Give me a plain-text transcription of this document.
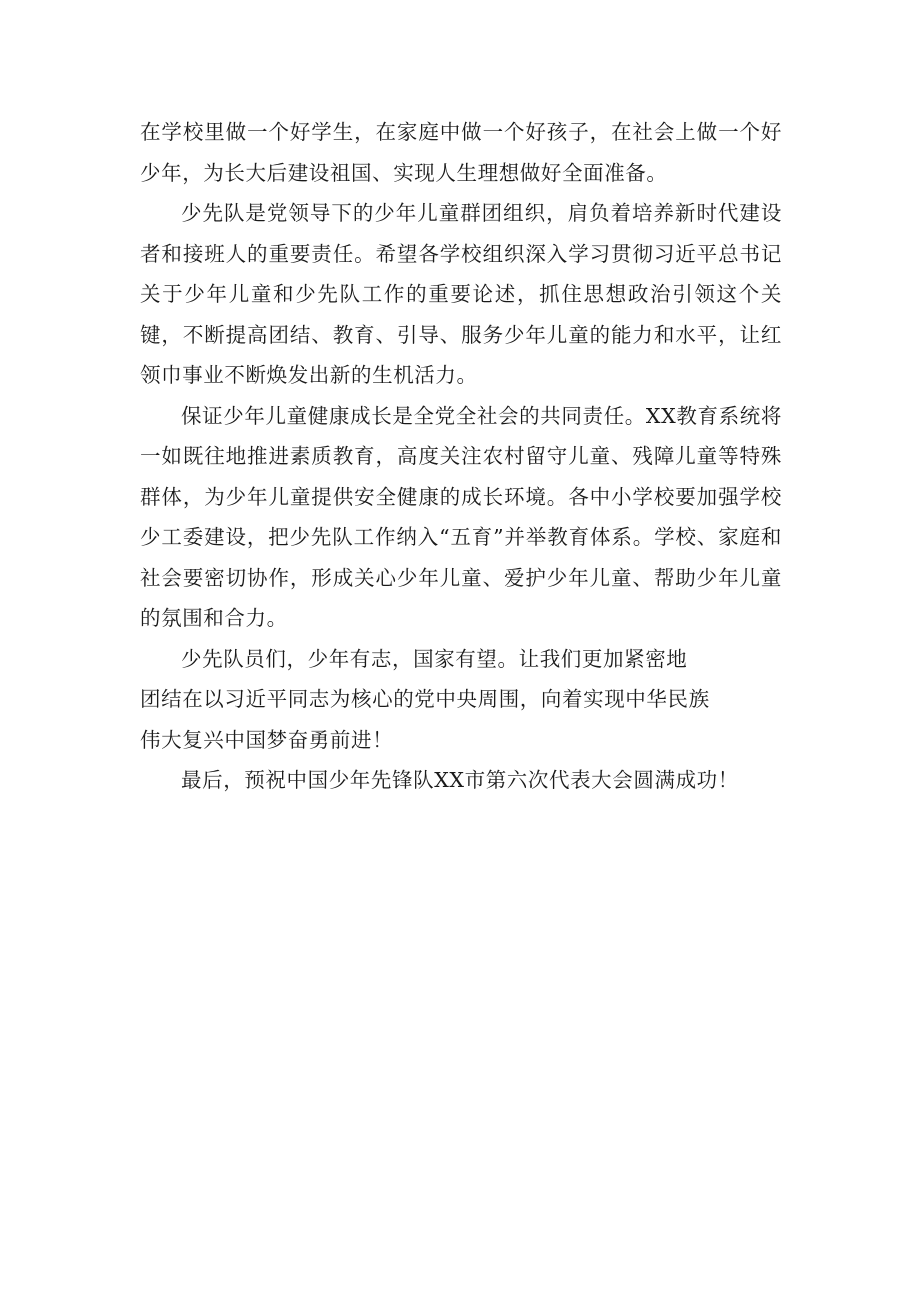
在学校里做一个好学生，在家庭中做一个好孩子，在社会上做一个好少年，为长大后建设祖国、实现人生理想做好全面准备。

少先队是党领导下的少年儿童群团组织，肩负着培养新时代建设者和接班人的重要责任。希望各学校组织深入学习贯彻习近平总书记关于少年儿童和少先队工作的重要论述，抓住思想政治引领这个关键，不断提高团结、教育、引导、服务少年儿童的能力和水平，让红领巾事业不断焕发出新的生机活力。

保证少年儿童健康成长是全党全社会的共同责任。XX教育系统将一如既往地推进素质教育，高度关注农村留守儿童、残障儿童等特殊群体，为少年儿童提供安全健康的成长环境。各中小学校要加强学校少工委建设，把少先队工作纳入“五育”并举教育体系。学校、家庭和社会要密切协作，形成关心少年儿童、爱护少年儿童、帮助少年儿童的氛围和合力。

少先队员们，少年有志，国家有望。让我们更加紧密地
团结在以习近平同志为核心的党中央周围，向着实现中华民族
伟大复兴中国梦奋勇前进！

最后，预祝中国少年先锋队XX市第六次代表大会圆满成功！
